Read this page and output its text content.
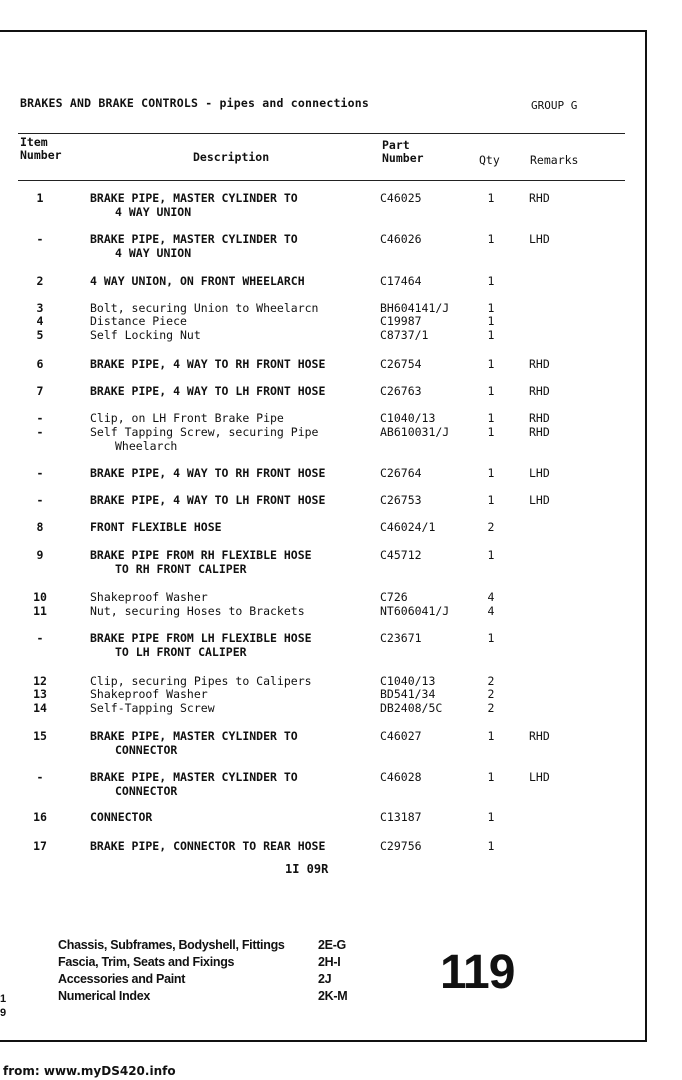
BRAKES AND BRAKE CONTROLS - pipes and connections	GROUP G
Item
Number	Description
Part
Number	Qty	Remarks
1	BRAKE PIPE, MASTER CYLINDER TO
4 WAY UNION
C46025	1	RHD
-	BRAKE PIPE, MASTER CYLINDER TO
4 WAY UNION
C46026	1	LHD
2	4 WAY UNION, ON FRONT WHEELARCH	C17464	1
3	Bolt, securing Union to Wheelarcn	BH604141/J	1
4	Distance Piece	C19987	1
5	Self Locking Nut	C8737/1	1
6	BRAKE PIPE, 4 WAY TO RH FRONT HOSE	C26754	1	RHD
7	BRAKE PIPE, 4 WAY TO LH FRONT HOSE	C26763	1	RHD
-	Clip, on LH Front Brake Pipe	C1040/13	1	RHD
-	Self Tapping Screw, securing Pipe
Wheelarch
AB610031/J	1	RHD
-	BRAKE PIPE, 4 WAY TO RH FRONT HOSE	C26764	1	LHD
-	BRAKE PIPE, 4 WAY TO LH FRONT HOSE	C26753	1	LHD
8	FRONT FLEXIBLE HOSE	C46024/1	2
9	BRAKE PIPE FROM RH FLEXIBLE HOSE
TO RH FRONT CALIPER
C45712	1
10	Shakeproof Washer	C726	4
11	Nut, securing Hoses to Brackets	NT606041/J	4
-	BRAKE PIPE FROM LH FLEXIBLE HOSE
TO LH FRONT CALIPER
C23671	1
12	Clip, securing Pipes to Calipers	C1040/13	2
13	Shakeproof Washer	BD541/34	2
14	Self-Tapping Screw	DB2408/5C	2
15	BRAKE PIPE, MASTER CYLINDER TO
CONNECTOR
C46027	1	RHD
-	BRAKE PIPE, MASTER CYLINDER TO
CONNECTOR
C46028	1	LHD
16	CONNECTOR	C13187	1
17	BRAKE PIPE, CONNECTOR TO REAR HOSE	C29756	1
1I 09R
Chassis, Subframes, Bodyshell, Fittings	2E-G
Fascia, Trim, Seats and Fixings	2H-I
Accessories and Paint	2J
Numerical Index	2K-M 119
1
9
from: www.myDS420.info
